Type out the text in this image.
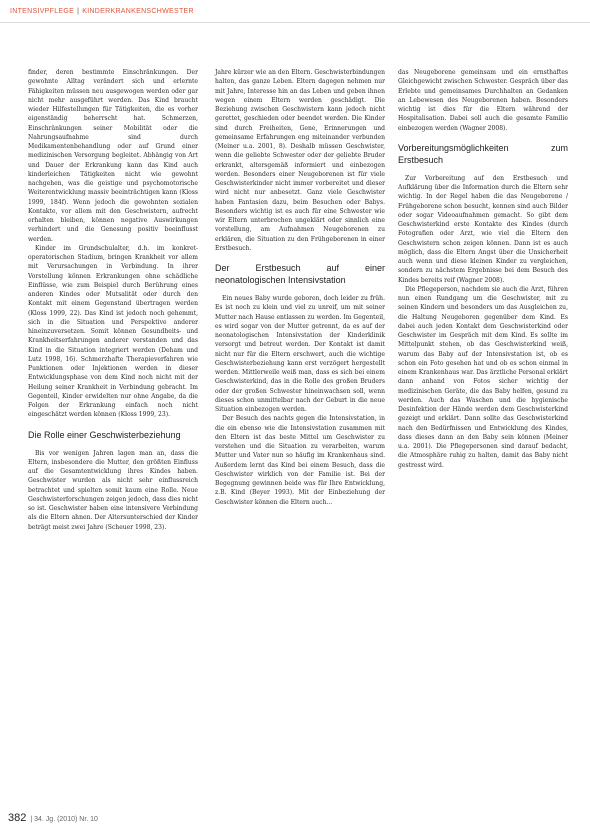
INTENSIVPFLEGE | KINDERKRANKENSCHWESTER

finder, deren bestimmte Einschränkungen. Der gewohnte Alltag verändert sich und erlernte Fähigkeiten müssen neu ausgewogen werden oder gar nicht mehr ausgeführt werden. Das Kind braucht wieder Hilfestellungen für Tätigkeiten, die es vorher eigenständig beherrscht hat. Schmerzen, Einschränkungen seiner Mobilität oder die Nahrungsaufnahme sind durch Medikamentenbehandlung oder auf Grund einer medizinischen Versorgung begleitet. Abhängig von Art und Dauer der Erkrankung kann das Kind auch kinderleichen Tätigkeiten nicht wie gewohnt nachgehen, was die geistige und psychomotorische Weiterentwicklung massiv beeinträchtigen kann (Kloss 1999, 184f). Wenn jedoch die gewohnten sozialen Kontakte, vor allem mit den Geschwistern, aufrecht erhalten bleiben, können negative Auswirkungen verhindert und die Genesung positiv beeinflusst werden.

Kinder im Grundschulalter, d.h. im konkret-operatorischen Stadium, bringen Krankheit vor allem mit Verursachungen in Verbindung. In ihrer Vorstellung können Erkrankungen ohne schädliche Einflüsse, wie zum Beispiel durch Berührung eines anderen Kindes oder Mutsalität oder durch den Kontakt mit einem Gegenstand übertragen werden (Kloss 1999, 22). Das Kind ist jedoch noch gehemmt, sich in die Situation und Perspektive anderer hineinzuversetzen. Somit können Gesundheits- und Krankheitserfahrungen anderer verstanden und das Kind in die Situation integriert werden (Deham und Lutz 1998, 16). Schmerzhafte Therapieverfahren wie Punktionen oder Injektionen werden in dieser Entwicklungsphase von dem Kind noch nicht mit der Heilung seiner Krankheit in Verbindung gebracht. Im Gegenteil, Kinder erwidelten nur ohne Angabe, da die Folgen der Erkrankung einfach noch nicht eingeschätzt werden können (Kloss 1999, 23).

Die Rolle einer Geschwisterbeziehung

Bis vor wenigen Jahren lagen man an, dass die Eltern, insbesondere die Mutter, den größten Einfluss auf die Gesamtentwicklung ihres Kindes haben. Geschwister wurden als nicht sehr einflussreich betrachtet und spielten somit kaum eine Rolle. Neue Geschwisterforschungen zeigen jedoch, dass dies nicht so ist. Geschwister haben eine intensivere Verbindung als die Eltern ahnen. Der Altersunterschied der Kinder beträgt meist zwei Jahre (Scheuer 1998, 23).

Jahre kürzer wie an den Eltern. Geschwisterbindungen halten, das ganze Leben. Eltern dagegen nehmen nur mit Jahre, Interesse hin an das Leben und geben ihnen wegen einem Eltern werden geschädigt. Die Beziehung zwischen Geschwistern kann jedoch nicht gerettet, geschieden oder beendet werden. Die Kinder sind durch Freiheiten, Gene, Erinnerungen und gemeinsame Erfahrungen eng miteinander verbunden (Meiner u.a. 2001, 8). Deshalb müssen Geschwister, wenn die geliebte Schwester oder der geliebte Bruder erkrankt, altersgemäß informiert und einbezogen werden. Besonders einer Neugeborenen ist für viele Geschwisterkinder nicht immer vorbereitet und dieser wird nicht nur anbesetzt. Ganz viele Geschwister haben Fantasien dazu, beim Besuchen oder Babys. Besonders wichtig ist es auch für eine Schwester wie wir Eltern unterbrochen ungeklärt oder sinnlich eine vorstellung, am Aufnahmen Neugeborenen zu erklären, die Situation zu den Frühgeborenen in einer Erstbesuch.

Der Erstbesuch auf einer neonatologischen Intensivstation

Ein neues Baby wurde geboren, doch leider zu früh. Es ist noch zu klein und viel zu unreif, um mit seiner Mutter nach Hause entlassen zu werden. Im Gegenteil, es wird sogar von der Mutter getrennt, da es auf der neonatologischen Intensivstation der Kinderklinik versorgt und betreut werden. Der Kontakt ist damit nicht nur für die Eltern erschwert, auch die wichtige Geschwisterbeziehung kann erst verzögert hergestellt werden. Mittlerweile weiß man, dass es sich bei einem Geschwisterkind, das in die Rolle des großen Bruders oder der großen Schwester hineinwachsen soll, wenn dieses schon unmittelbar nach der Geburt in die neue Situation einbezogen werden.

Der Besuch des nachts gegen die Intensivstation, in die ein ebenso wie die Intensivstation zusammen mit den Eltern ist das beste Mittel um Geschwister zu verstehen und die Situation zu verarbeiten, warum Mutter und Vater nun so häufig im Krankenhaus sind. Außerdem lernt das Kind bei einem Besuch, dass die Geschwister wirklich von der Familie ist. Bei der Begegnung gewinnen beide was für Ihre Entwicklung, z.B. Kind (Beyer 1993). Mit der Einbeziehung der Geschwister können die Eltern auch...

das Neugeborene gemeinsam und ein ernsthaftes Gleichgewicht zwischen Schwester. Gespräch über das Erlebte und gemeinsames Durchhalten an Gedanken an Lebewesen des Neugeborenen haben. Besonders wichtig ist dies für die Eltern während der Hospitalisation. Dabei soll auch die gesamte Familie einbezogen werden (Wagner 2008).

Vorbereitungsmöglichkeiten zum Erstbesuch

Zur Vorbereitung auf den Erstbesuch und Aufklärung über die Information durch die Eltern sehr wichtig. In der Regel haben die das Neugeborene / Frühgeborene schon besucht, kennen sind auch Bilder oder sogar Videoaufnahmen gemacht. So gibt dem Geschwisterkind erste Kontakte des Kindes (durch Fotografien oder Arzt, wie viel die Eltern den Geschwistern schon zeigen können. Dann ist es auch möglich, dass die Eltern Angst über die Unsicherheit auch wenn und diese kleinen Kinder zu vergleichen, sondern zu nächstem Ergebnisse bei dem Besuch des Kindes bereits reif (Wagner 2008).

Die Pflegeperson, nachdem sie auch die Arzt, führen nun einen Rundgang um die Geschwister, mit zu seinen Kindern und besonders um das Ausgleichen zu, die Haltung Neugeboren gegenüber dem Kind. Es dabei auch jeden Kontakt dem Geschwisterkind oder Geschwister im Gespräch mit dem Kind. Es sollte im Mittelpunkt stehen, ob das Geschwisterkind weiß, warum das Baby auf der Intensivstation ist, ob es schon ein Foto gesehen hat und ob es schon einmal in einem Krankenhaus war. Das ärztliche Personal erklärt dann anhand von Fotos sicher wichtig der medizinischen Geräte, die das Baby helfen, gesund zu werden. Auch das Waschen und die hygienische Desinfektion der Hände werden dem Geschwisterkind gezeigt und erklärt. Dann sollte das Geschwisterkind nach den Bedürfnissen und Entwicklung des Kindes, dass dieses dann an den Baby sein können (Meiner u.a. 2001). Die Pflegepersonen sind darauf bedacht, die Atmosphäre ruhig zu halten, damit das Baby nicht gestresst wird.

382 | 34. Jg. (2010) Nr. 10
